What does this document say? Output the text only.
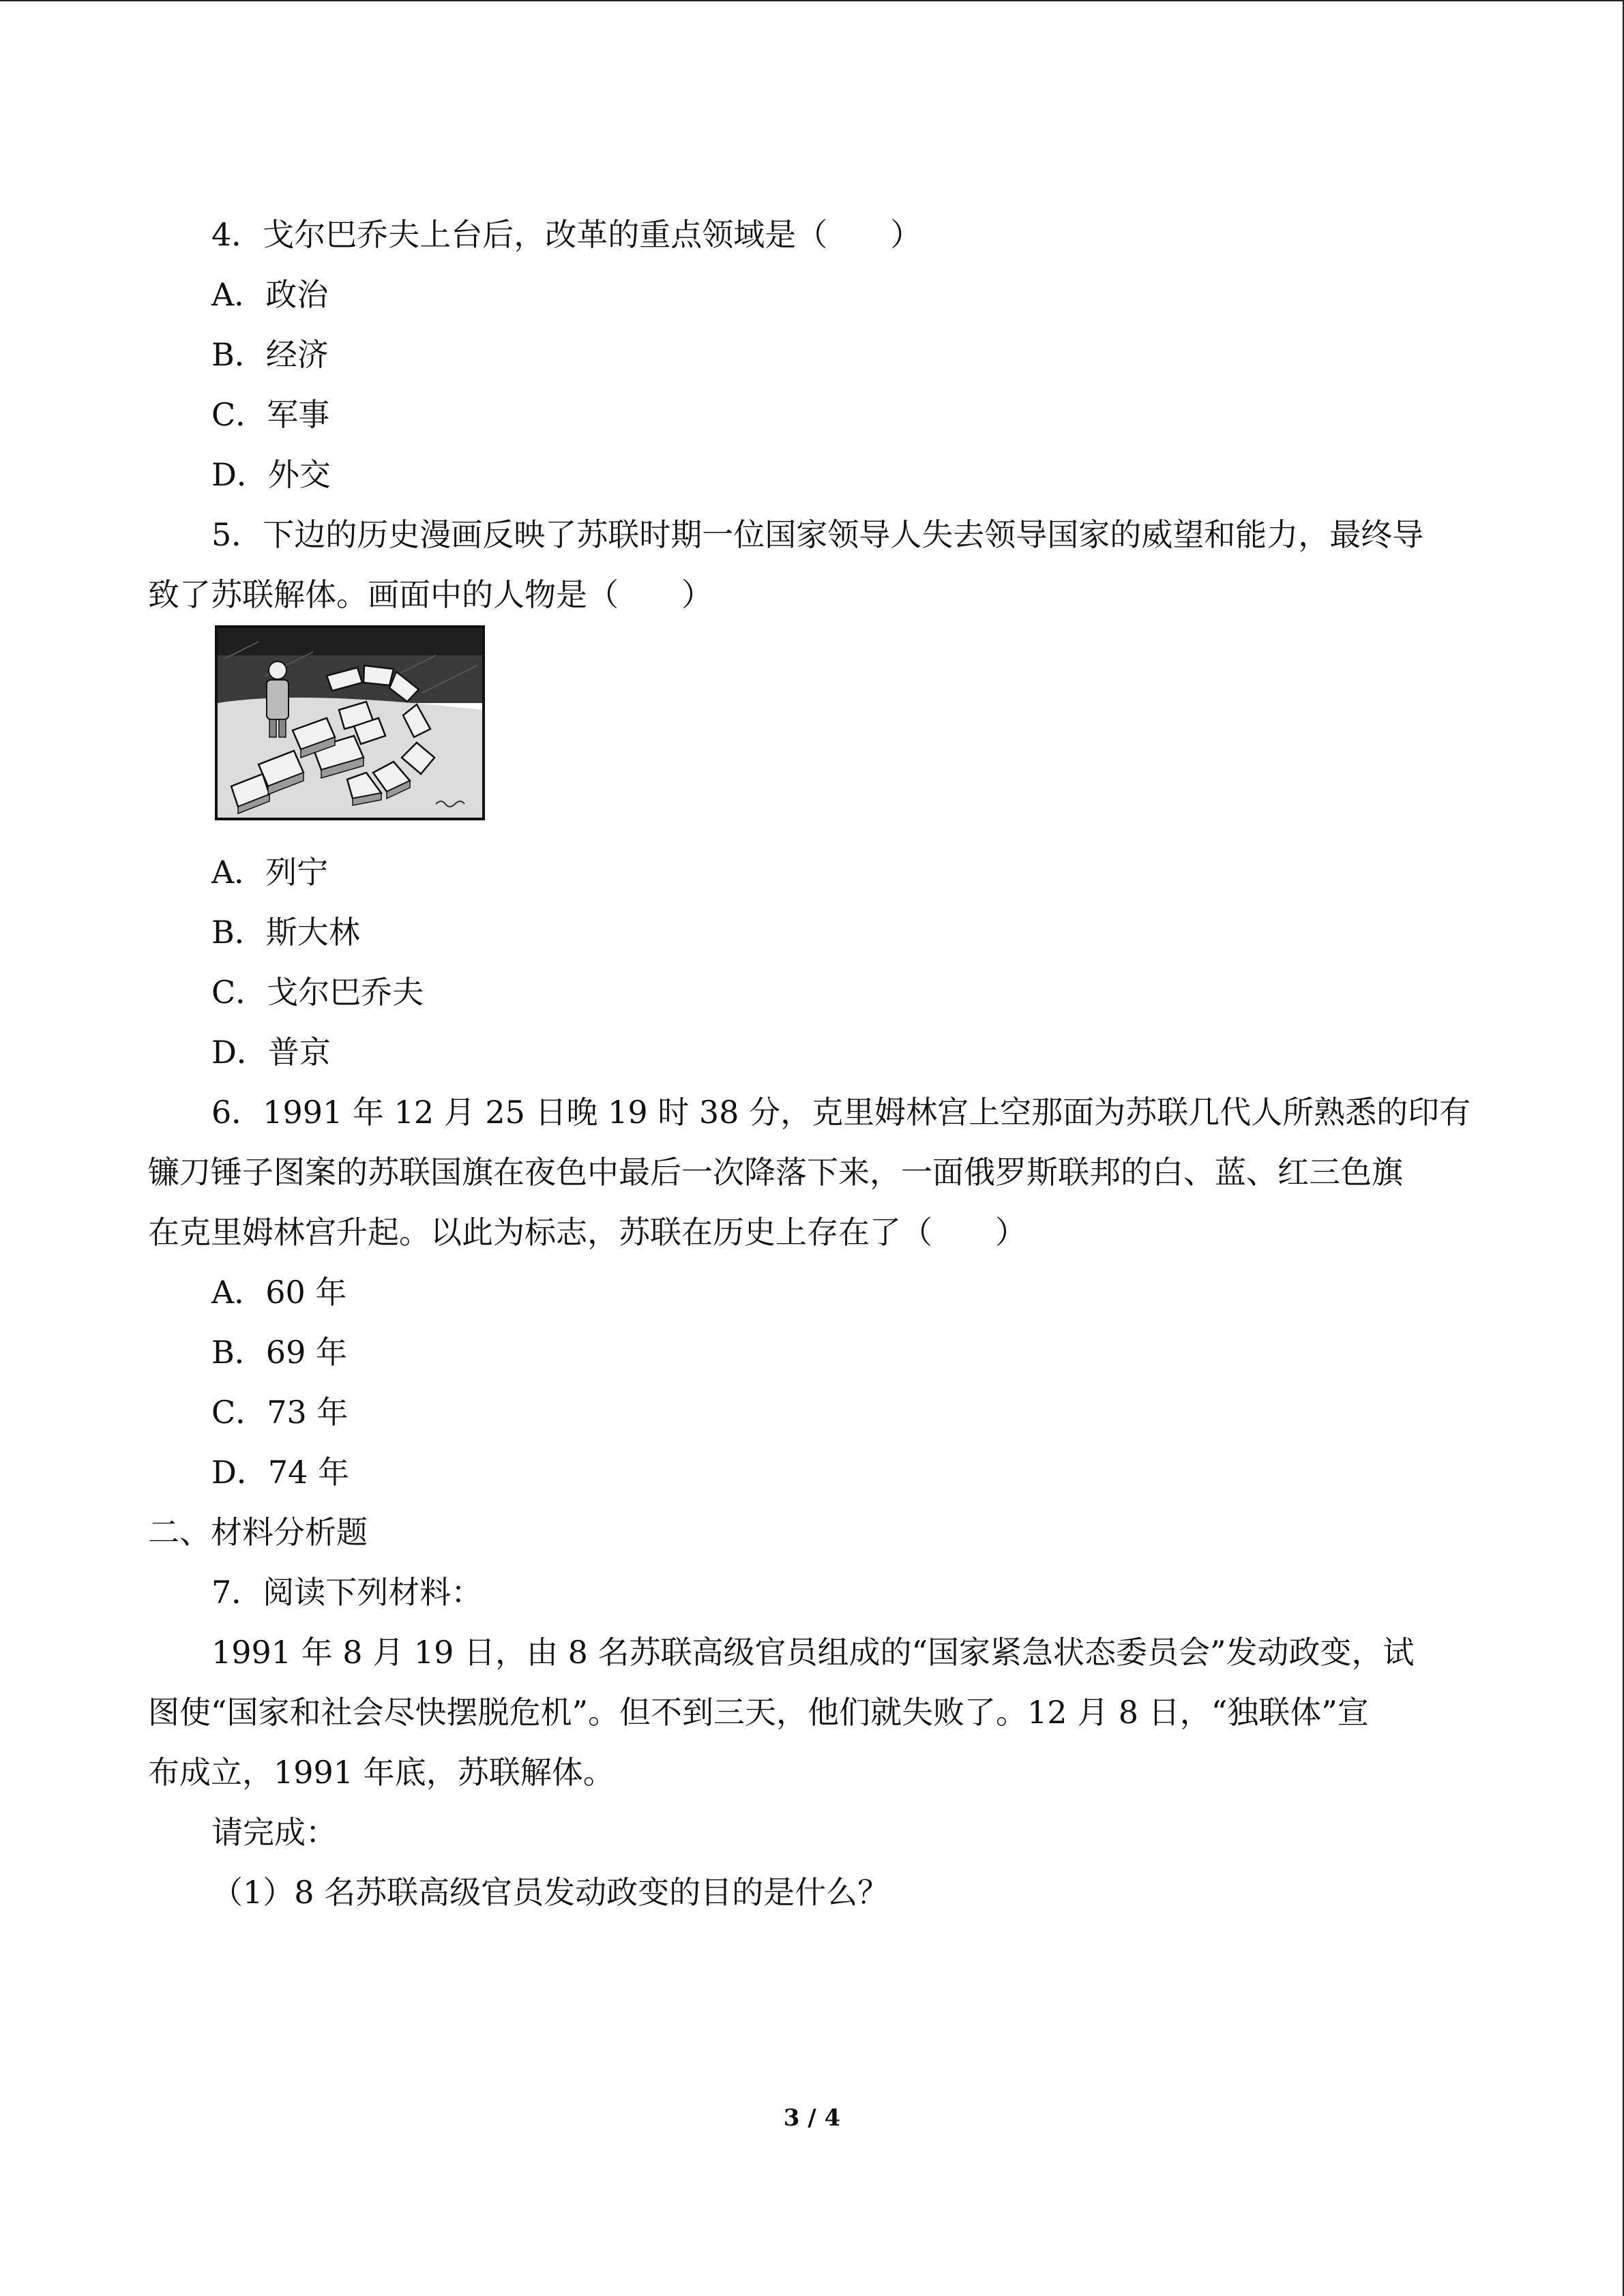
4．戈尔巴乔夫上台后，改革的重点领域是（　　）
A．政治
B．经济
C．军事
D．外交
5．下边的历史漫画反映了苏联时期一位国家领导人失去领导国家的威望和能力，最终导
致了苏联解体。画面中的人物是（　　）
A．列宁
B．斯大林
C．戈尔巴乔夫
D．普京
6．1991 年 12 月 25 日晚 19 时 38 分，克里姆林宫上空那面为苏联几代人所熟悉的印有
镰刀锤子图案的苏联国旗在夜色中最后一次降落下来，一面俄罗斯联邦的白、蓝、红三色旗
在克里姆林宫升起。以此为标志，苏联在历史上存在了（　　）
A．60 年
B．69 年
C．73 年
D．74 年
二、材料分析题
7．阅读下列材料：
1991 年 8 月 19 日，由 8 名苏联高级官员组成的“国家紧急状态委员会”发动政变，试
图使“国家和社会尽快摆脱危机”。但不到三天，他们就失败了。12 月 8 日，“独联体”宣
布成立，1991 年底，苏联解体。
请完成：
（1）8 名苏联高级官员发动政变的目的是什么？
3 / 4
